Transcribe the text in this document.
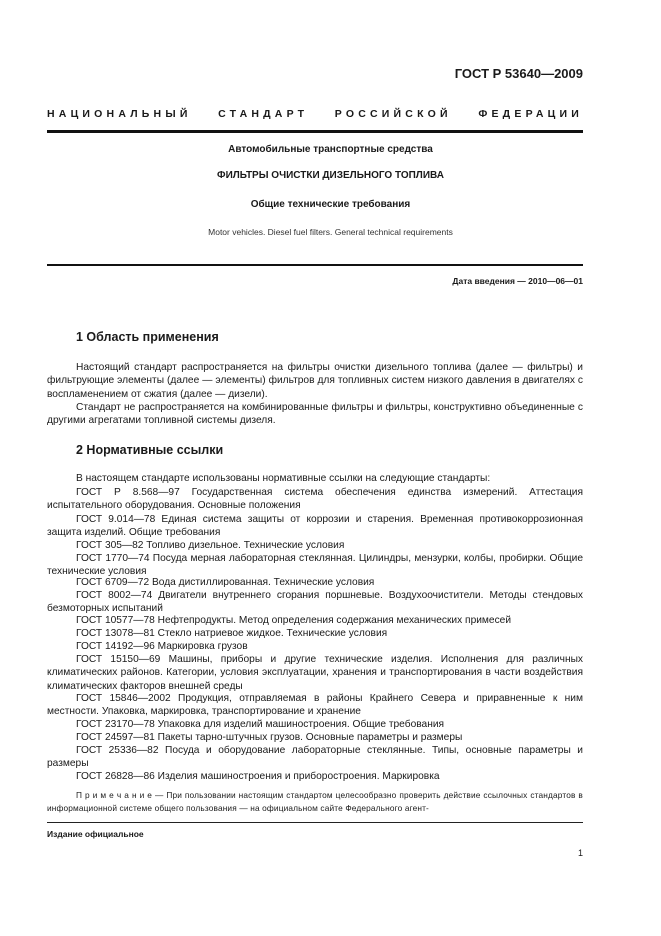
ГОСТ Р 53640—2009
НАЦИОНАЛЬНЫЙ СТАНДАРТ РОССИЙСКОЙ ФЕДЕРАЦИИ
Автомобильные транспортные средства
ФИЛЬТРЫ ОЧИСТКИ ДИЗЕЛЬНОГО ТОПЛИВА
Общие технические требования
Motor vehicles. Diesel fuel filters. General technical requirements
Дата введения — 2010—06—01
1 Область применения

Настоящий стандарт распространяется на фильтры очистки дизельного топлива (далее — фильтры) и фильтрующие элементы (далее — элементы) фильтров для топливных систем низкого давления в двигателях с воспламенением от сжатия (далее — дизели).

Стандарт не распространяется на комбинированные фильтры и фильтры, конструктивно объединенные с другими агрегатами топливной системы дизеля.

2 Нормативные ссылки

В настоящем стандарте использованы нормативные ссылки на следующие стандарты:

ГОСТ Р 8.568—97 Государственная система обеспечения единства измерений. Аттестация испытательного оборудования. Основные положения

ГОСТ 9.014—78 Единая система защиты от коррозии и старения. Временная противокоррозионная защита изделий. Общие требования

ГОСТ 305—82 Топливо дизельное. Технические условия

ГОСТ 1770—74 Посуда мерная лабораторная стеклянная. Цилиндры, мензурки, колбы, пробирки. Общие технические условия

ГОСТ 6709—72 Вода дистиллированная. Технические условия

ГОСТ 8002—74 Двигатели внутреннего сгорания поршневые. Воздухоочистители. Методы стендовых безмоторных испытаний

ГОСТ 10577—78 Нефтепродукты. Метод определения содержания механических примесей

ГОСТ 13078—81 Стекло натриевое жидкое. Технические условия

ГОСТ 14192—96 Маркировка грузов

ГОСТ 15150—69 Машины, приборы и другие технические изделия. Исполнения для различных климатических районов. Категории, условия эксплуатации, хранения и транспортирования в части воздействия климатических факторов внешней среды

ГОСТ 15846—2002 Продукция, отправляемая в районы Крайнего Севера и приравненные к ним местности. Упаковка, маркировка, транспортирование и хранение

ГОСТ 23170—78 Упаковка для изделий машиностроения. Общие требования

ГОСТ 24597—81 Пакеты тарно-штучных грузов. Основные параметры и размеры

ГОСТ 25336—82 Посуда и оборудование лабораторные стеклянные. Типы, основные параметры и размеры

ГОСТ 26828—86 Изделия машиностроения и приборостроения. Маркировка

П р и м е ч а н и е — При пользовании настоящим стандартом целесообразно проверить действие ссылочных стандартов в информационной системе общего пользования — на официальном сайте Федерального агент-
Издание официальное
1
